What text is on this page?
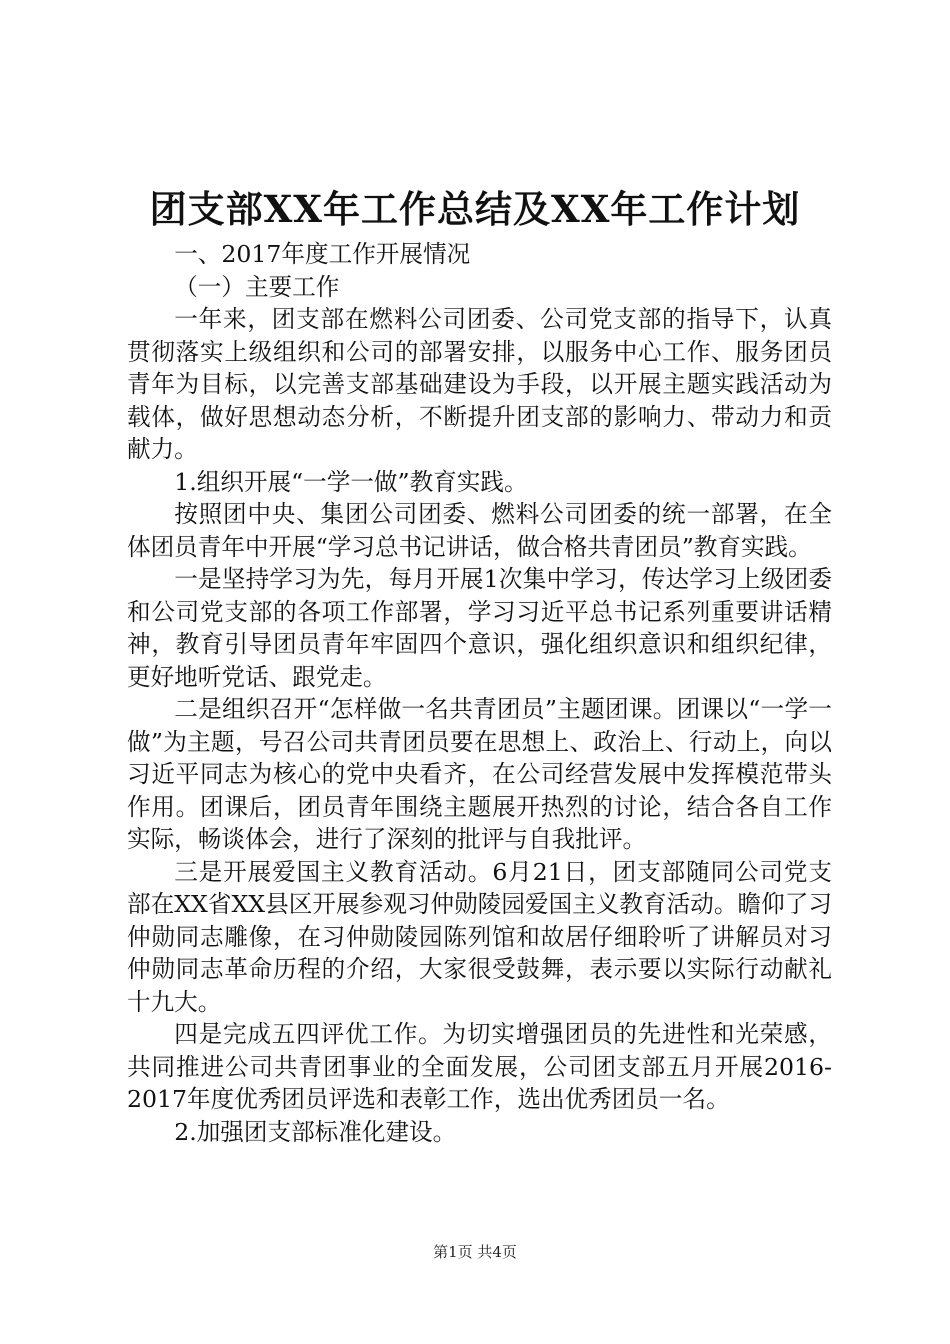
团支部XX年工作总结及XX年工作计划

一、2017年度工作开展情况

（一）主要工作

一年来，团支部在燃料公司团委、公司党支部的指导下，认真贯彻落实上级组织和公司的部署安排，以服务中心工作、服务团员青年为目标，以完善支部基础建设为手段，以开展主题实践活动为载体，做好思想动态分析，不断提升团支部的影响力、带动力和贡献力。

1.组织开展“一学一做”教育实践。

按照团中央、集团公司团委、燃料公司团委的统一部署，在全体团员青年中开展“学习总书记讲话，做合格共青团员”教育实践。

一是坚持学习为先，每月开展1次集中学习，传达学习上级团委和公司党支部的各项工作部署，学习习近平总书记系列重要讲话精神，教育引导团员青年牢固四个意识，强化组织意识和组织纪律，更好地听党话、跟党走。

二是组织召开“怎样做一名共青团员”主题团课。团课以“一学一做”为主题，号召公司共青团员要在思想上、政治上、行动上，向以习近平同志为核心的党中央看齐，在公司经营发展中发挥模范带头作用。团课后，团员青年围绕主题展开热烈的讨论，结合各自工作实际，畅谈体会，进行了深刻的批评与自我批评。

三是开展爱国主义教育活动。6月21日，团支部随同公司党支部在XX省XX县区开展参观习仲勋陵园爱国主义教育活动。瞻仰了习仲勋同志雕像，在习仲勋陵园陈列馆和故居仔细聆听了讲解员对习仲勋同志革命历程的介绍，大家很受鼓舞，表示要以实际行动献礼十九大。

四是完成五四评优工作。为切实增强团员的先进性和光荣感，共同推进公司共青团事业的全面发展，公司团支部五月开展2016-2017年度优秀团员评选和表彰工作，选出优秀团员一名。

2.加强团支部标准化建设。

第1页 共4页
